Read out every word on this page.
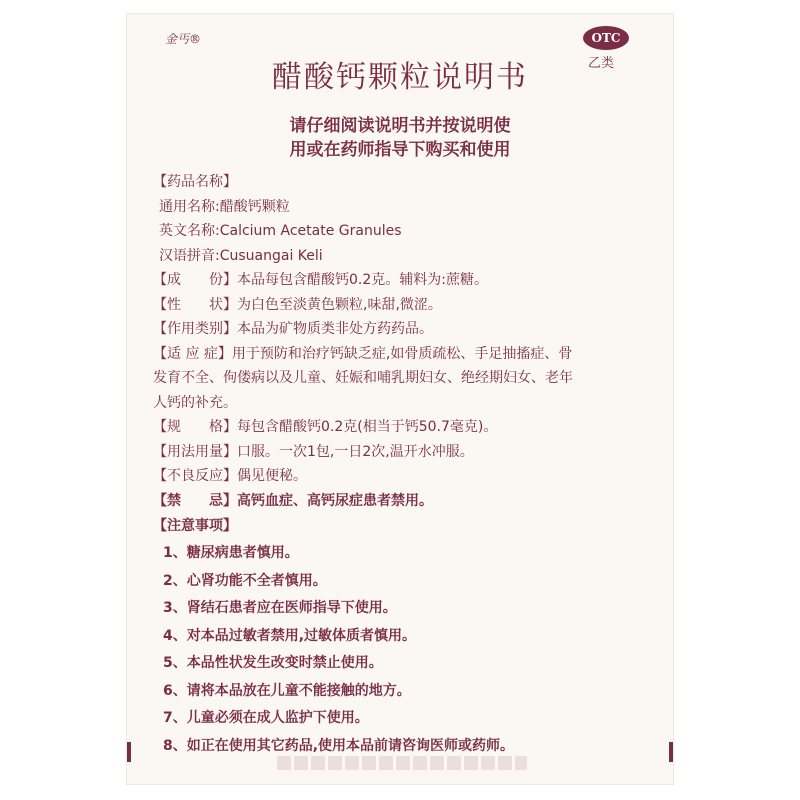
金丐®	OTC
乙类
醋酸钙颗粒说明书
请仔细阅读说明书并按说明使
用或在药师指导下购买和使用
【药品名称】
通用名称:醋酸钙颗粒
英文名称:Calcium Acetate Granules
汉语拼音:Cusuangai Keli
【成　　份】本品每包含醋酸钙0.2克。辅料为:蔗糖。
【性　　状】为白色至淡黄色颗粒,味甜,微涩。
【作用类别】本品为矿物质类非处方药药品。
【适 应 症】用于预防和治疗钙缺乏症,如骨质疏松、手足抽搐症、骨
发育不全、佝偻病以及儿童、妊娠和哺乳期妇女、绝经期妇女、老年
人钙的补充。
【规　　格】每包含醋酸钙0.2克(相当于钙50.7毫克)。
【用法用量】口服。一次1包,一日2次,温开水冲服。
【不良反应】偶见便秘。
【禁　　忌】高钙血症、高钙尿症患者禁用。
【注意事项】
1、糖尿病患者慎用。
2、心肾功能不全者慎用。
3、肾结石患者应在医师指导下使用。
4、对本品过敏者禁用,过敏体质者慎用。
5、本品性状发生改变时禁止使用。
6、请将本品放在儿童不能接触的地方。
7、儿童必须在成人监护下使用。
8、如正在使用其它药品,使用本品前请咨询医师或药师。
